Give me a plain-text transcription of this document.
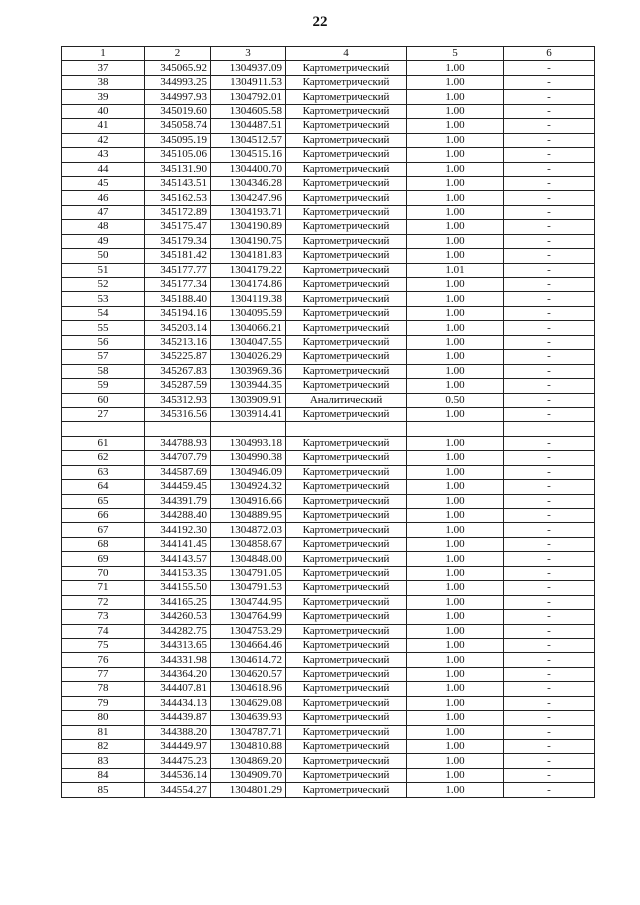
22
1	2	3	4	5	6
37	345065.92	1304937.09	Картометрический	1.00	-
38	344993.25	1304911.53	Картометрический	1.00	-
39	344997.93	1304792.01	Картометрический	1.00	-
40	345019.60	1304605.58	Картометрический	1.00	-
41	345058.74	1304487.51	Картометрический	1.00	-
42	345095.19	1304512.57	Картометрический	1.00	-
43	345105.06	1304515.16	Картометрический	1.00	-
44	345131.90	1304400.70	Картометрический	1.00	-
45	345143.51	1304346.28	Картометрический	1.00	-
46	345162.53	1304247.96	Картометрический	1.00	-
47	345172.89	1304193.71	Картометрический	1.00	-
48	345175.47	1304190.89	Картометрический	1.00	-
49	345179.34	1304190.75	Картометрический	1.00	-
50	345181.42	1304181.83	Картометрический	1.00	-
51	345177.77	1304179.22	Картометрический	1.01	-
52	345177.34	1304174.86	Картометрический	1.00	-
53	345188.40	1304119.38	Картометрический	1.00	-
54	345194.16	1304095.59	Картометрический	1.00	-
55	345203.14	1304066.21	Картометрический	1.00	-
56	345213.16	1304047.55	Картометрический	1.00	-
57	345225.87	1304026.29	Картометрический	1.00	-
58	345267.83	1303969.36	Картометрический	1.00	-
59	345287.59	1303944.35	Картометрический	1.00	-
60	345312.93	1303909.91	Аналитический	0.50	-
27	345316.56	1303914.41	Картометрический	1.00	-

61	344788.93	1304993.18	Картометрический	1.00	-
62	344707.79	1304990.38	Картометрический	1.00	-
63	344587.69	1304946.09	Картометрический	1.00	-
64	344459.45	1304924.32	Картометрический	1.00	-
65	344391.79	1304916.66	Картометрический	1.00	-
66	344288.40	1304889.95	Картометрический	1.00	-
67	344192.30	1304872.03	Картометрический	1.00	-
68	344141.45	1304858.67	Картометрический	1.00	-
69	344143.57	1304848.00	Картометрический	1.00	-
70	344153.35	1304791.05	Картометрический	1.00	-
71	344155.50	1304791.53	Картометрический	1.00	-
72	344165.25	1304744.95	Картометрический	1.00	-
73	344260.53	1304764.99	Картометрический	1.00	-
74	344282.75	1304753.29	Картометрический	1.00	-
75	344313.65	1304664.46	Картометрический	1.00	-
76	344331.98	1304614.72	Картометрический	1.00	-
77	344364.20	1304620.57	Картометрический	1.00	-
78	344407.81	1304618.96	Картометрический	1.00	-
79	344434.13	1304629.08	Картометрический	1.00	-
80	344439.87	1304639.93	Картометрический	1.00	-
81	344388.20	1304787.71	Картометрический	1.00	-
82	344449.97	1304810.88	Картометрический	1.00	-
83	344475.23	1304869.20	Картометрический	1.00	-
84	344536.14	1304909.70	Картометрический	1.00	-
85	344554.27	1304801.29	Картометрический	1.00	-
